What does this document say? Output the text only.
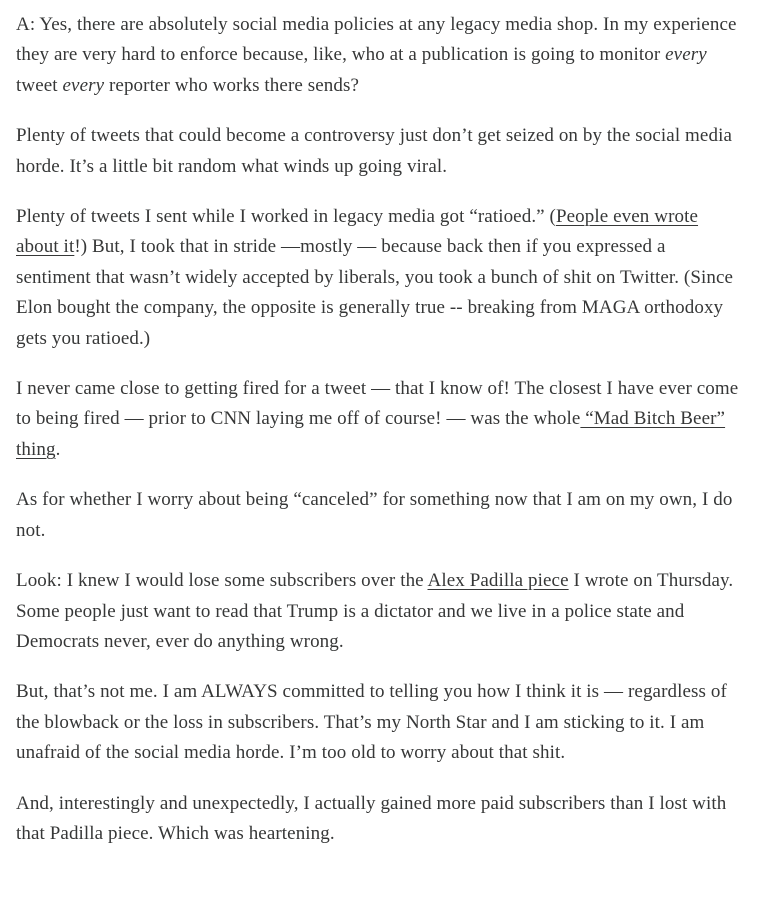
A: Yes, there are absolutely social media policies at any legacy media shop. In my experience they are very hard to enforce because, like, who at a publication is going to monitor every tweet every reporter who works there sends?

Plenty of tweets that could become a controversy just don’t get seized on by the social media horde. It’s a little bit random what winds up going viral.

Plenty of tweets I sent while I worked in legacy media got “ratioed.” (People even wrote about it!) But, I took that in stride —mostly — because back then if you expressed a sentiment that wasn’t widely accepted by liberals, you took a bunch of shit on Twitter. (Since Elon bought the company, the opposite is generally true -- breaking from MAGA orthodoxy gets you ratioed.)

I never came close to getting fired for a tweet — that I know of! The closest I have ever come to being fired — prior to CNN laying me off of course! — was the whole “Mad Bitch Beer” thing.

As for whether I worry about being “canceled” for something now that I am on my own, I do not.

Look: I knew I would lose some subscribers over the Alex Padilla piece I wrote on Thursday. Some people just want to read that Trump is a dictator and we live in a police state and Democrats never, ever do anything wrong.

But, that’s not me. I am ALWAYS committed to telling you how I think it is — regardless of the blowback or the loss in subscribers. That’s my North Star and I am sticking to it. I am unafraid of the social media horde. I’m too old to worry about that shit.

And, interestingly and unexpectedly, I actually gained more paid subscribers than I lost with that Padilla piece. Which was heartening.
